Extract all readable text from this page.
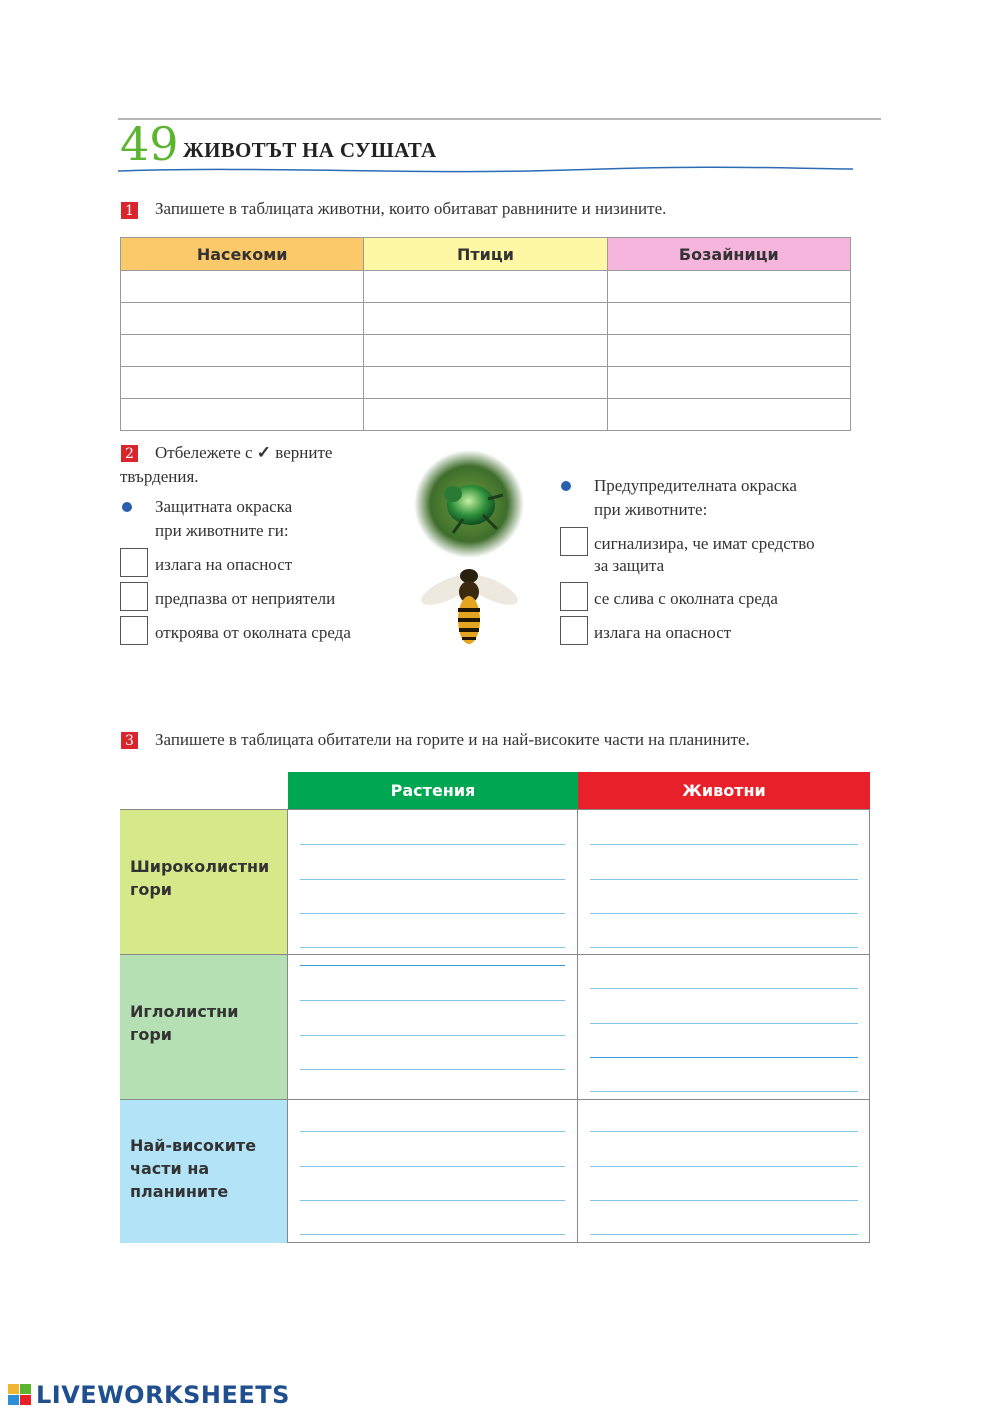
49 ЖИВОТЪТ НА СУШАТА
1 Запишете в таблицата животни, които обитават равнините и низините.
Насекоми	Птици	Бозайници

2 Отбележете с ✓ верните
твърдения.
Защитната окраска
при животните ги:
излага на опасност
предпазва от неприятели
откроява от околната среда
Предупредителната окраска
при животните:
сигнализира, че имат средство
за защита
се слива с околната среда
излага на опасност
3 Запишете в таблицата обитатели на горите и на най-високите части на планините.
Растения	Животни
Широколистни
гори
Иглолистни
гори
Най-високите
части на
планините
LIVEWORKSHEETS
